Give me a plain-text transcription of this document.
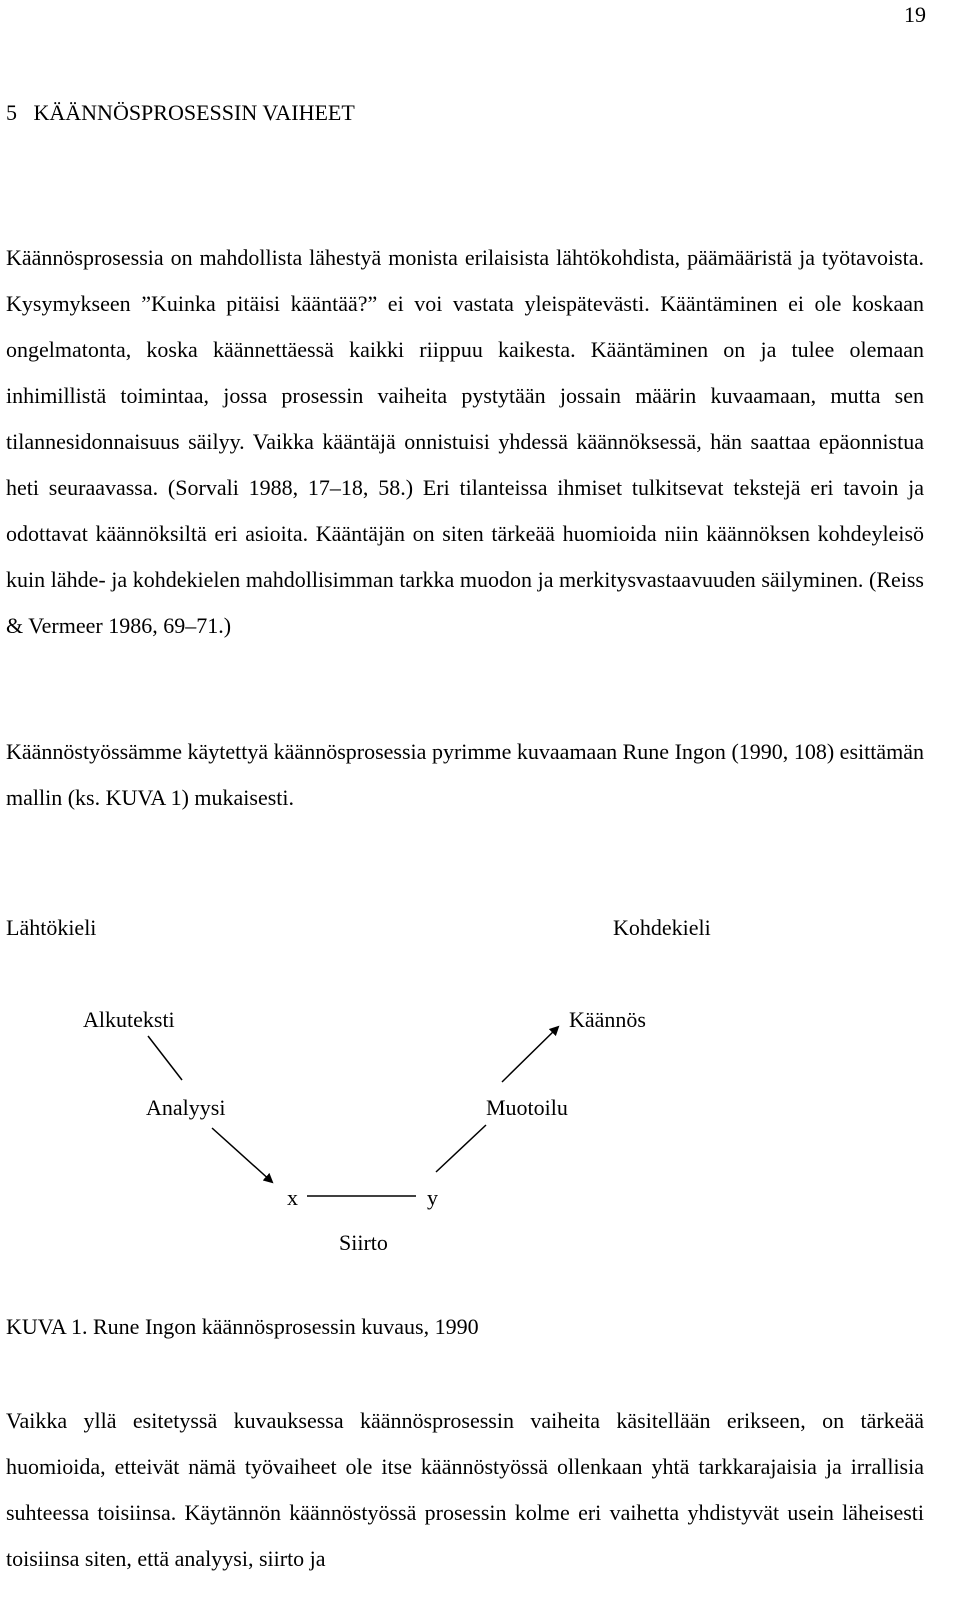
19
5   KÄÄNNÖSPROSESSIN VAIHEET
Käännösprosessia on mahdollista lähestyä monista erilaisista lähtökohdista, päämääristä ja työtavoista. Kysymykseen ”Kuinka pitäisi kääntää?” ei voi vastata yleispätevästi. Kääntäminen ei ole koskaan ongelmatonta, koska käännettäessä kaikki riippuu kaikesta. Kääntäminen on ja tulee olemaan inhimillistä toimintaa, jossa prosessin vaiheita pystytään jossain määrin kuvaamaan, mutta sen tilannesidonnaisuus säilyy. Vaikka kääntäjä onnistuisi yhdessä käännöksessä, hän saattaa epäonnistua heti seuraavassa. (Sorvali 1988, 17–18, 58.) Eri tilanteissa ihmiset tulkitsevat tekstejä eri tavoin ja odottavat käännöksiltä eri asioita. Kääntäjän on siten tärkeää huomioida niin käännöksen kohdeyleisö kuin lähde- ja kohdekielen mahdollisimman tarkka muodon ja merkitysvastaavuuden säilyminen. (Reiss & Vermeer 1986, 69–71.)
Käännöstyössämme käytettyä käännösprosessia pyrimme kuvaamaan Rune Ingon (1990, 108) esittämän mallin (ks. KUVA 1) mukaisesti.
Lähtökieli	Kohdekieli
Alkuteksti	Käännös
Analyysi	Muotoilu
x	y
Siirto
KUVA 1. Rune Ingon käännösprosessin kuvaus, 1990
Vaikka yllä esitetyssä kuvauksessa käännösprosessin vaiheita käsitellään erikseen, on tärkeää huomioida, etteivät nämä työvaiheet ole itse käännöstyössä ollenkaan yhtä tarkkarajaisia ja irrallisia suhteessa toisiinsa. Käytännön käännöstyössä prosessin kolme eri vaihetta yhdistyvät usein läheisesti toisiinsa siten, että analyysi, siirto ja
